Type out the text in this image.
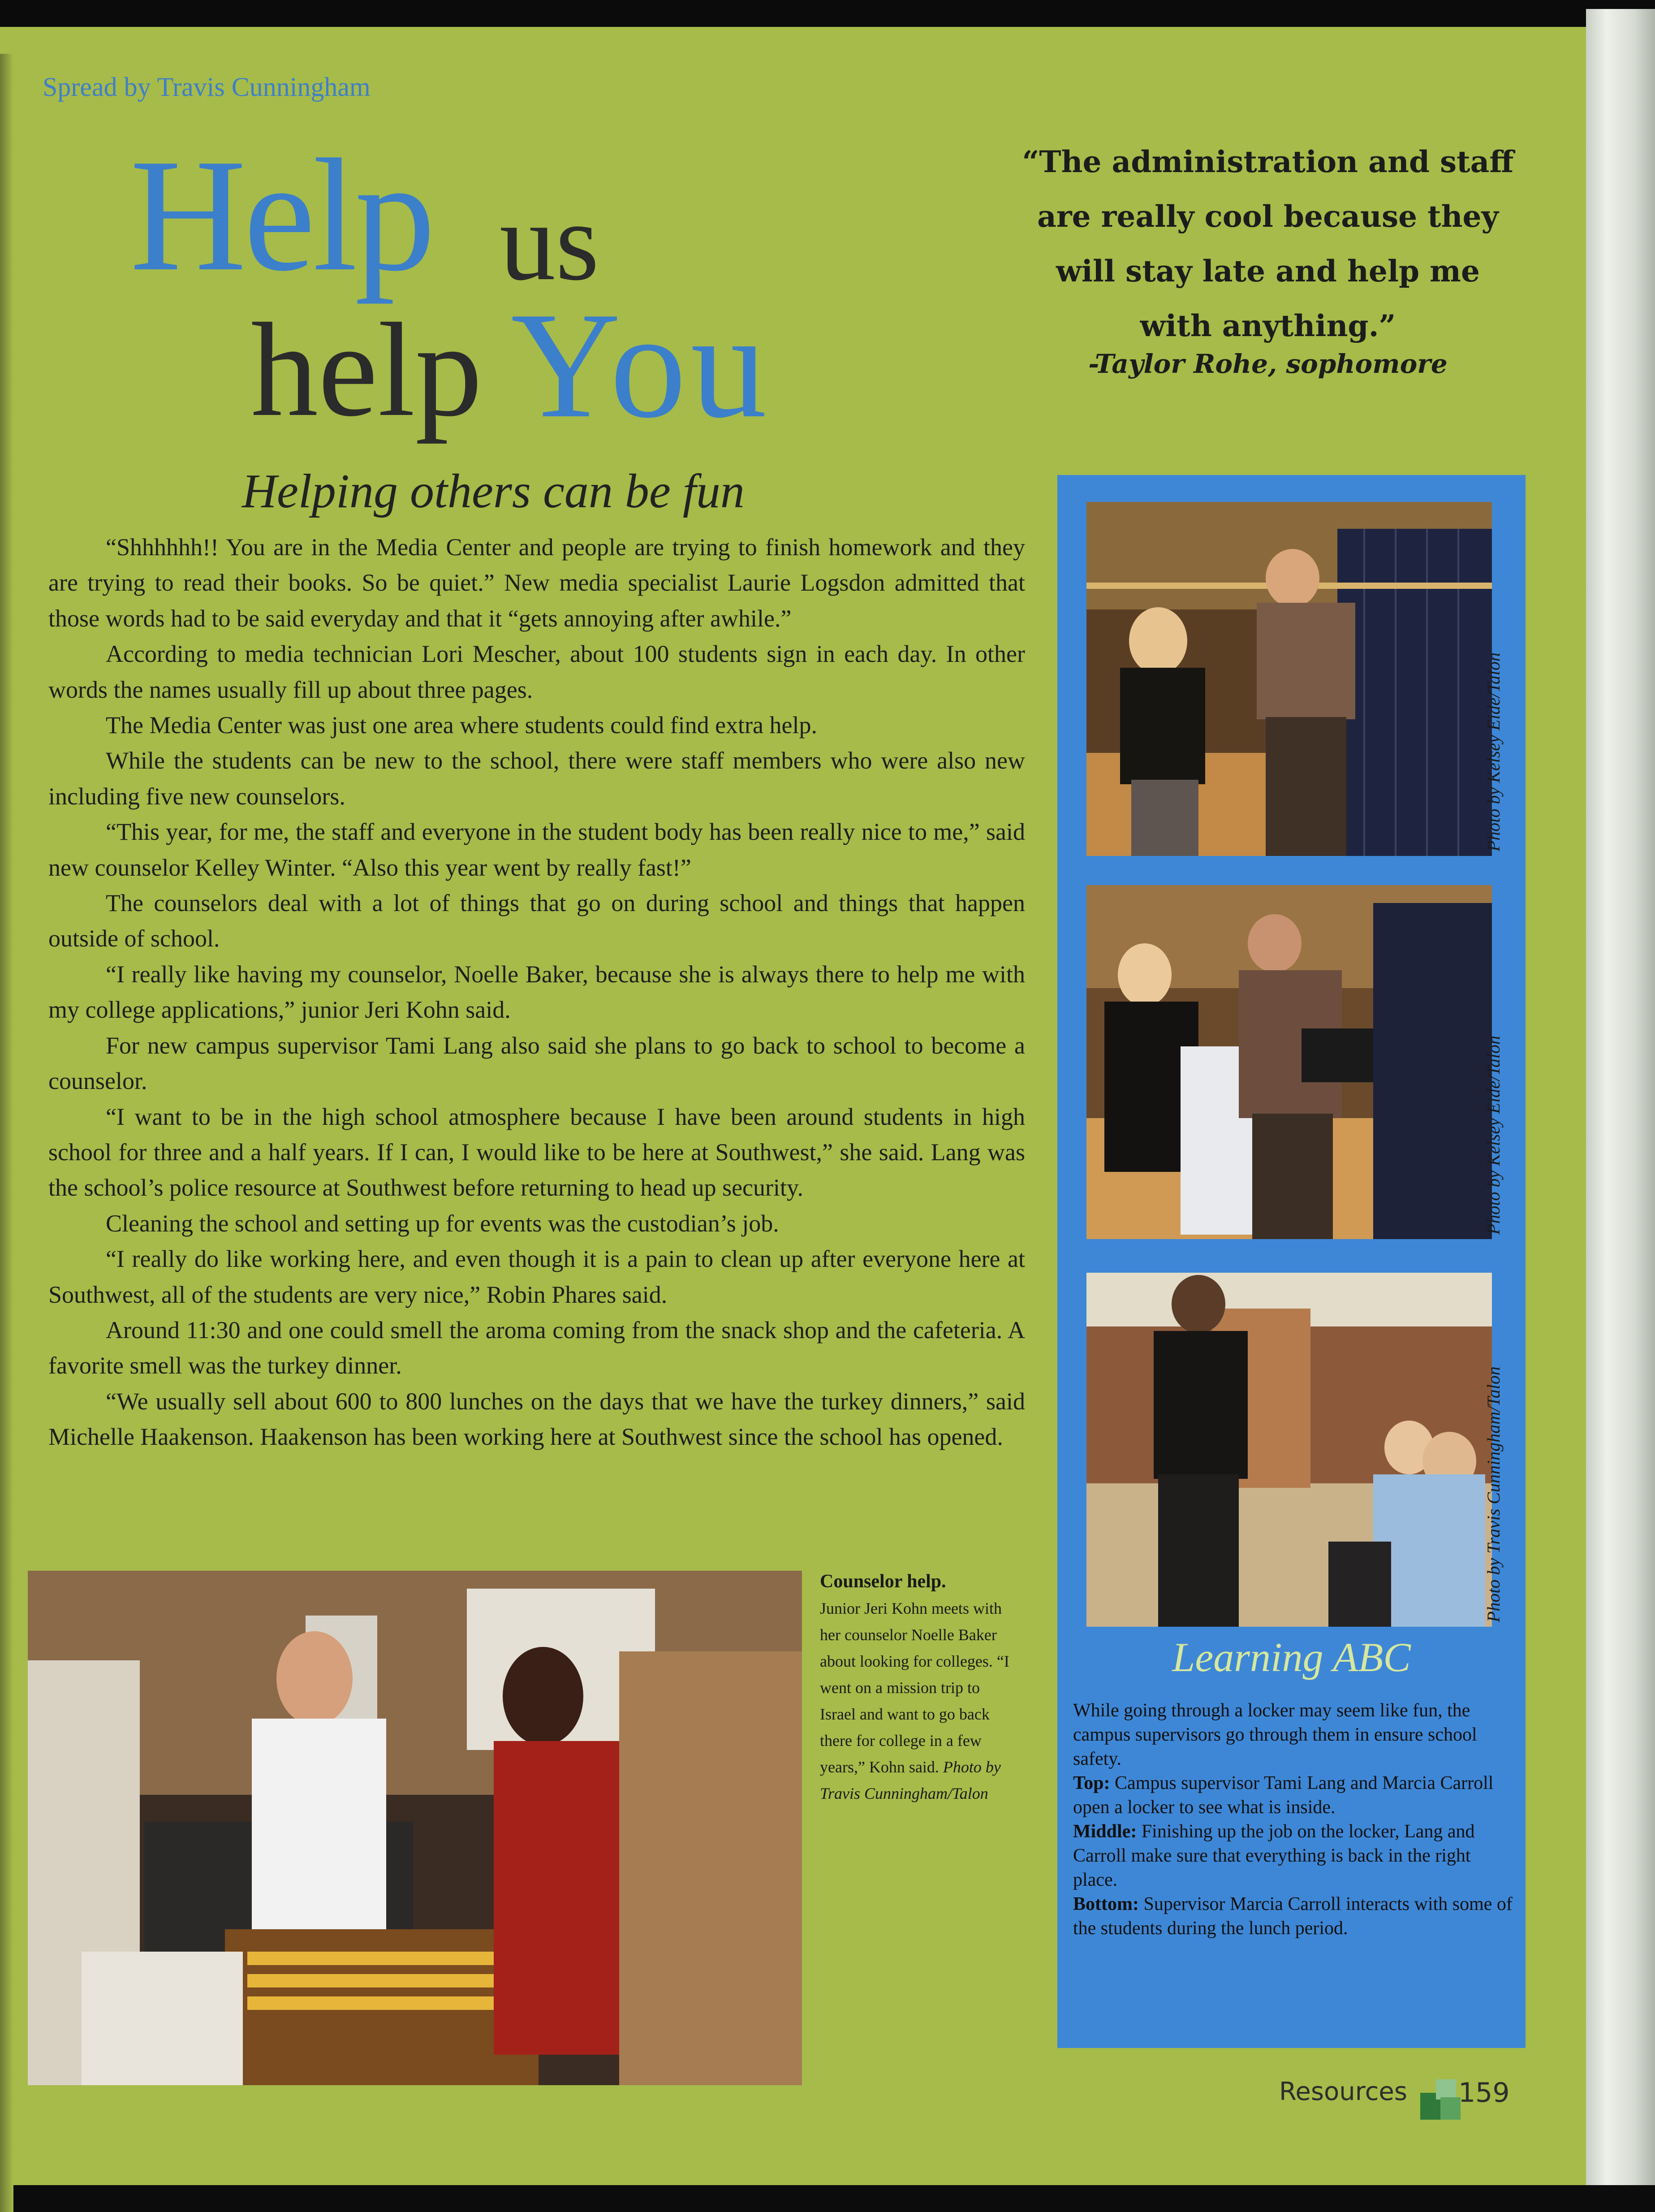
Spread by Travis Cunningham
Help us
help You
Helping others can be fun

“Shhhhhh!! You are in the Media Center and people are trying to finish homework and they are trying to read their books. So be quiet.” New media specialist Laurie Logsdon admitted that those words had to be said everyday and that it “gets annoying after awhile.”

According to media technician Lori Mescher, about 100 students sign in each day. In other words the names usually fill up about three pages.

The Media Center was just one area where students could find extra help.

While the students can be new to the school, there were staff members who were also new including five new counselors.

“This year, for me, the staff and everyone in the student body has been really nice to me,” said new counselor Kelley Winter. “Also this year went by really fast!”

The counselors deal with a lot of things that go on during school and things that happen outside of school.

“I really like having my counselor, Noelle Baker, because she is always there to help me with my college applications,” junior Jeri Kohn said.

For new campus supervisor Tami Lang also said she plans to go back to school to become a counselor.

“I want to be in the high school atmosphere because I have been around students in high school for three and a half years. If I can, I would like to be here at Southwest,” she said. Lang was the school’s police resource at Southwest before returning to head up security.

Cleaning the school and setting up for events was the custodian’s job.

“I really do like working here, and even though it is a pain to clean up after everyone here at Southwest, all of the students are very nice,” Robin Phares said.

Around 11:30 and one could smell the aroma coming from the snack shop and the cafeteria. A favorite smell was the turkey dinner.

“We usually sell about 600 to 800 lunches on the days that we have the turkey dinners,” said Michelle Haakenson. Haakenson has been working here at Southwest since the school has opened.

“The administration and staff
are really cool because they
will stay late and help me
with anything.”
-Taylor Rohe, sophomore
Photo by Kelsey Eide/Talon
Photo by Kelsey Eide/Talon
Photo by Travis Cunningham/Talon
Learning ABC
While going through a locker may seem like fun, the campus supervisors go through them in ensure school safety.
Top: Campus supervisor Tami Lang and Marcia Carroll open a locker to see what is inside.
Middle: Finishing up the job on the locker, Lang and Carroll make sure that everything is back in the right place.
Bottom: Supervisor Marcia Carroll interacts with some of the students during the lunch period.
Counselor help.
Junior Jeri Kohn meets with her counselor Noelle Baker about looking for colleges. “I went on a mission trip to Israel and want to go back there for college in a few years,” Kohn said. Photo by Travis Cunningham/Talon
Resources 159
